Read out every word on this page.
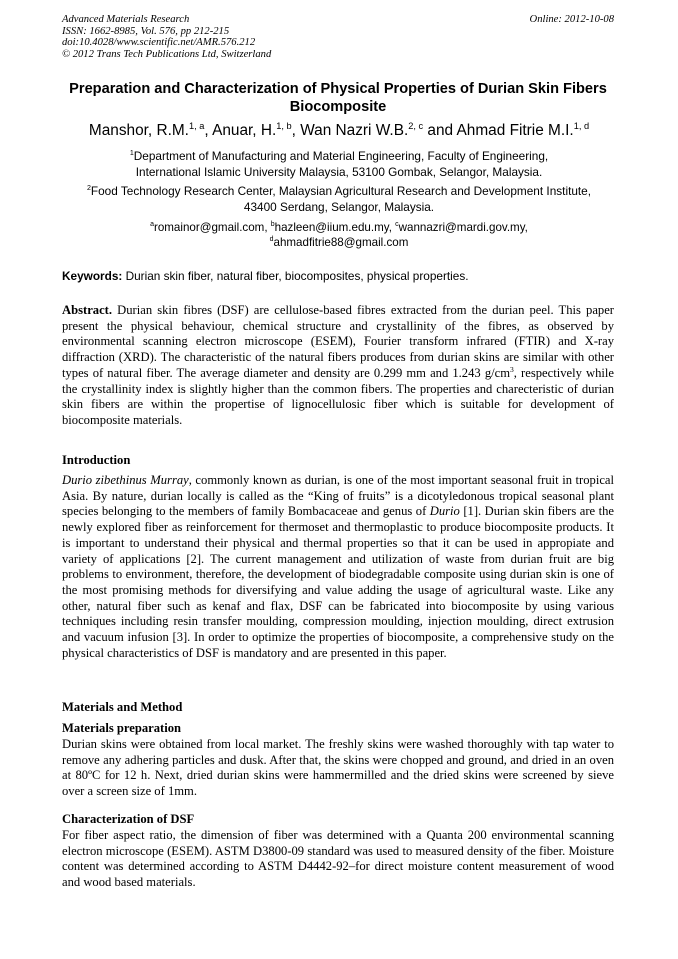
Advanced Materials Research
ISSN: 1662-8985, Vol. 576, pp 212-215
doi:10.4028/www.scientific.net/AMR.576.212
© 2012 Trans Tech Publications Ltd, Switzerland
Online: 2012-10-08
Preparation and Characterization of Physical Properties of Durian Skin Fibers Biocomposite
Manshor, R.M.$^{1, a}$, Anuar, H.$^{1, b}$, Wan Nazri W.B.$^{2, c}$ and Ahmad Fitrie M.I.$^{1, d}$
$^1$Department of Manufacturing and Material Engineering, Faculty of Engineering,
International Islamic University Malaysia, 53100 Gombak, Selangor, Malaysia.
$^2$Food Technology Research Center, Malaysian Agricultural Research and Development Institute,
43400 Serdang, Selangor, Malaysia.
$^a$romainor@gmail.com, $^b$hazleen@iium.edu.my, $^c$wannazri@mardi.gov.my,
$^d$ahmadfitrie88@gmail.com
Keywords: Durian skin fiber, natural fiber, biocomposites, physical properties.
Abstract. Durian skin fibres (DSF) are cellulose-based fibres extracted from the durian peel. This paper present the physical behaviour, chemical structure and crystallinity of the fibres, as observed by environmental scanning electron microscope (ESEM), Fourier transform infrared (FTIR) and X-ray diffraction (XRD). The characteristic of the natural fibers produces from durian skins are similar with other types of natural fiber. The average diameter and density are 0.299 mm and 1.243 $g/cm^3$, respectively while the crystallinity index is slightly higher than the common fibers. The properties and charecteristic of durian skin fibers are within the propertise of lignocellulosic fiber which is suitable for development of biocomposite materials.
Introduction
Durio zibethinus Murray, commonly known as durian, is one of the most important seasonal fruit in tropical Asia. By nature, durian locally is called as the “King of fruits” is a dicotyledonous tropical seasonal plant species belonging to the members of family Bombacaceae and genus of Durio [1]. Durian skin fibers are the newly explored fiber as reinforcement for thermoset and thermoplastic to produce biocomposite products. It is important to understand their physical and thermal properties so that it can be used in appropiate and variety of applications [2]. The current management and utilization of waste from durian fruit are big problems to environment, therefore, the development of biodegradable composite using durian skin is one of the most promising methods for diversifying and value adding the usage of agricultural waste. Like any other, natural fiber such as kenaf and flax, DSF can be fabricated into biocomposite by using various techniques including resin transfer moulding, compression moulding, injection moulding, direct extrusion and vacuum infusion [3]. In order to optimize the properties of biocomposite, a comprehensive study on the physical characteristics of DSF is mandatory and are presented in this paper.
Materials and Method
Materials preparation
Durian skins were obtained from local market. The freshly skins were washed thoroughly with tap water to remove any adhering particles and dusk. After that, the skins were chopped and ground, and dried in an oven at 80ºC for 12 h. Next, dried durian skins were hammermilled and the dried skins were screened by sieve over a screen size of 1mm.
Characterization of DSF
For fiber aspect ratio, the dimension of fiber was determined with a Quanta 200 environmental scanning electron microscope (ESEM). ASTM D3800-09 standard was used to measured density of the fiber. Moisture content was determined according to ASTM D4442-92–for direct moisture content measurement of wood and wood based materials.
